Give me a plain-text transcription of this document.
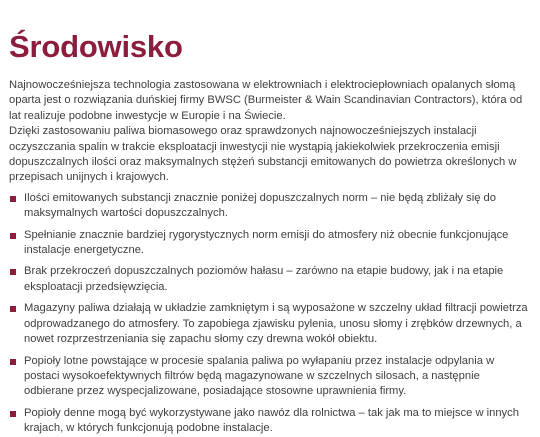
Środowisko

Najnowocześniejsza technologia zastosowana w elektrowniach i elektrociepłowniach opalanych słomą oparta jest o rozwiązania duńskiej firmy BWSC (Burmeister & Wain Scandinavian Contractors), która od lat realizuje podobne inwestycje w Europie i na Świecie.

Dzięki zastosowaniu paliwa biomasowego oraz sprawdzonych najnowocześniejszych instalacji oczyszczania spalin w trakcie eksploatacji inwestycji nie wystąpią jakiekolwiek przekroczenia emisji dopuszczalnych ilości oraz maksymalnych stężeń substancji emitowanych do powietrza określonych w przepisach unijnych i krajowych.

Ilości emitowanych substancji znacznie poniżej dopuszczalnych norm – nie będą zbliżały się do maksymalnych wartości dopuszczalnych.
Spełnianie znacznie bardziej rygorystycznych norm emisji do atmosfery niż obecnie funkcjonujące instalacje energetyczne.
Brak przekroczeń dopuszczalnych poziomów hałasu – zarówno na etapie budowy, jak i na etapie eksploatacji przedsięwzięcia.
Magazyny paliwa działają w układzie zamkniętym i są wyposażone w szczelny układ filtracji powietrza odprowadzanego do atmosfery. To zapobiega zjawisku pylenia, unosu słomy i zrębków drzewnych, a nowet rozprzestrzeniania się zapachu słomy czy drewna wokół obiektu.
Popioły lotne powstające w procesie spalania paliwa po wyłapaniu przez instalacje odpylania w postaci wysokoefektywnych filtrów będą magazynowane w szczelnych silosach, a następnie odbierane przez wyspecjalizowane, posiadające stosowne uprawnienia firmy.
Popioły denne mogą być wykorzystywane jako nawóz dla rolnictwa – tak jak ma to miejsce w innych krajach, w których funkcjonują podobne instalacje.
